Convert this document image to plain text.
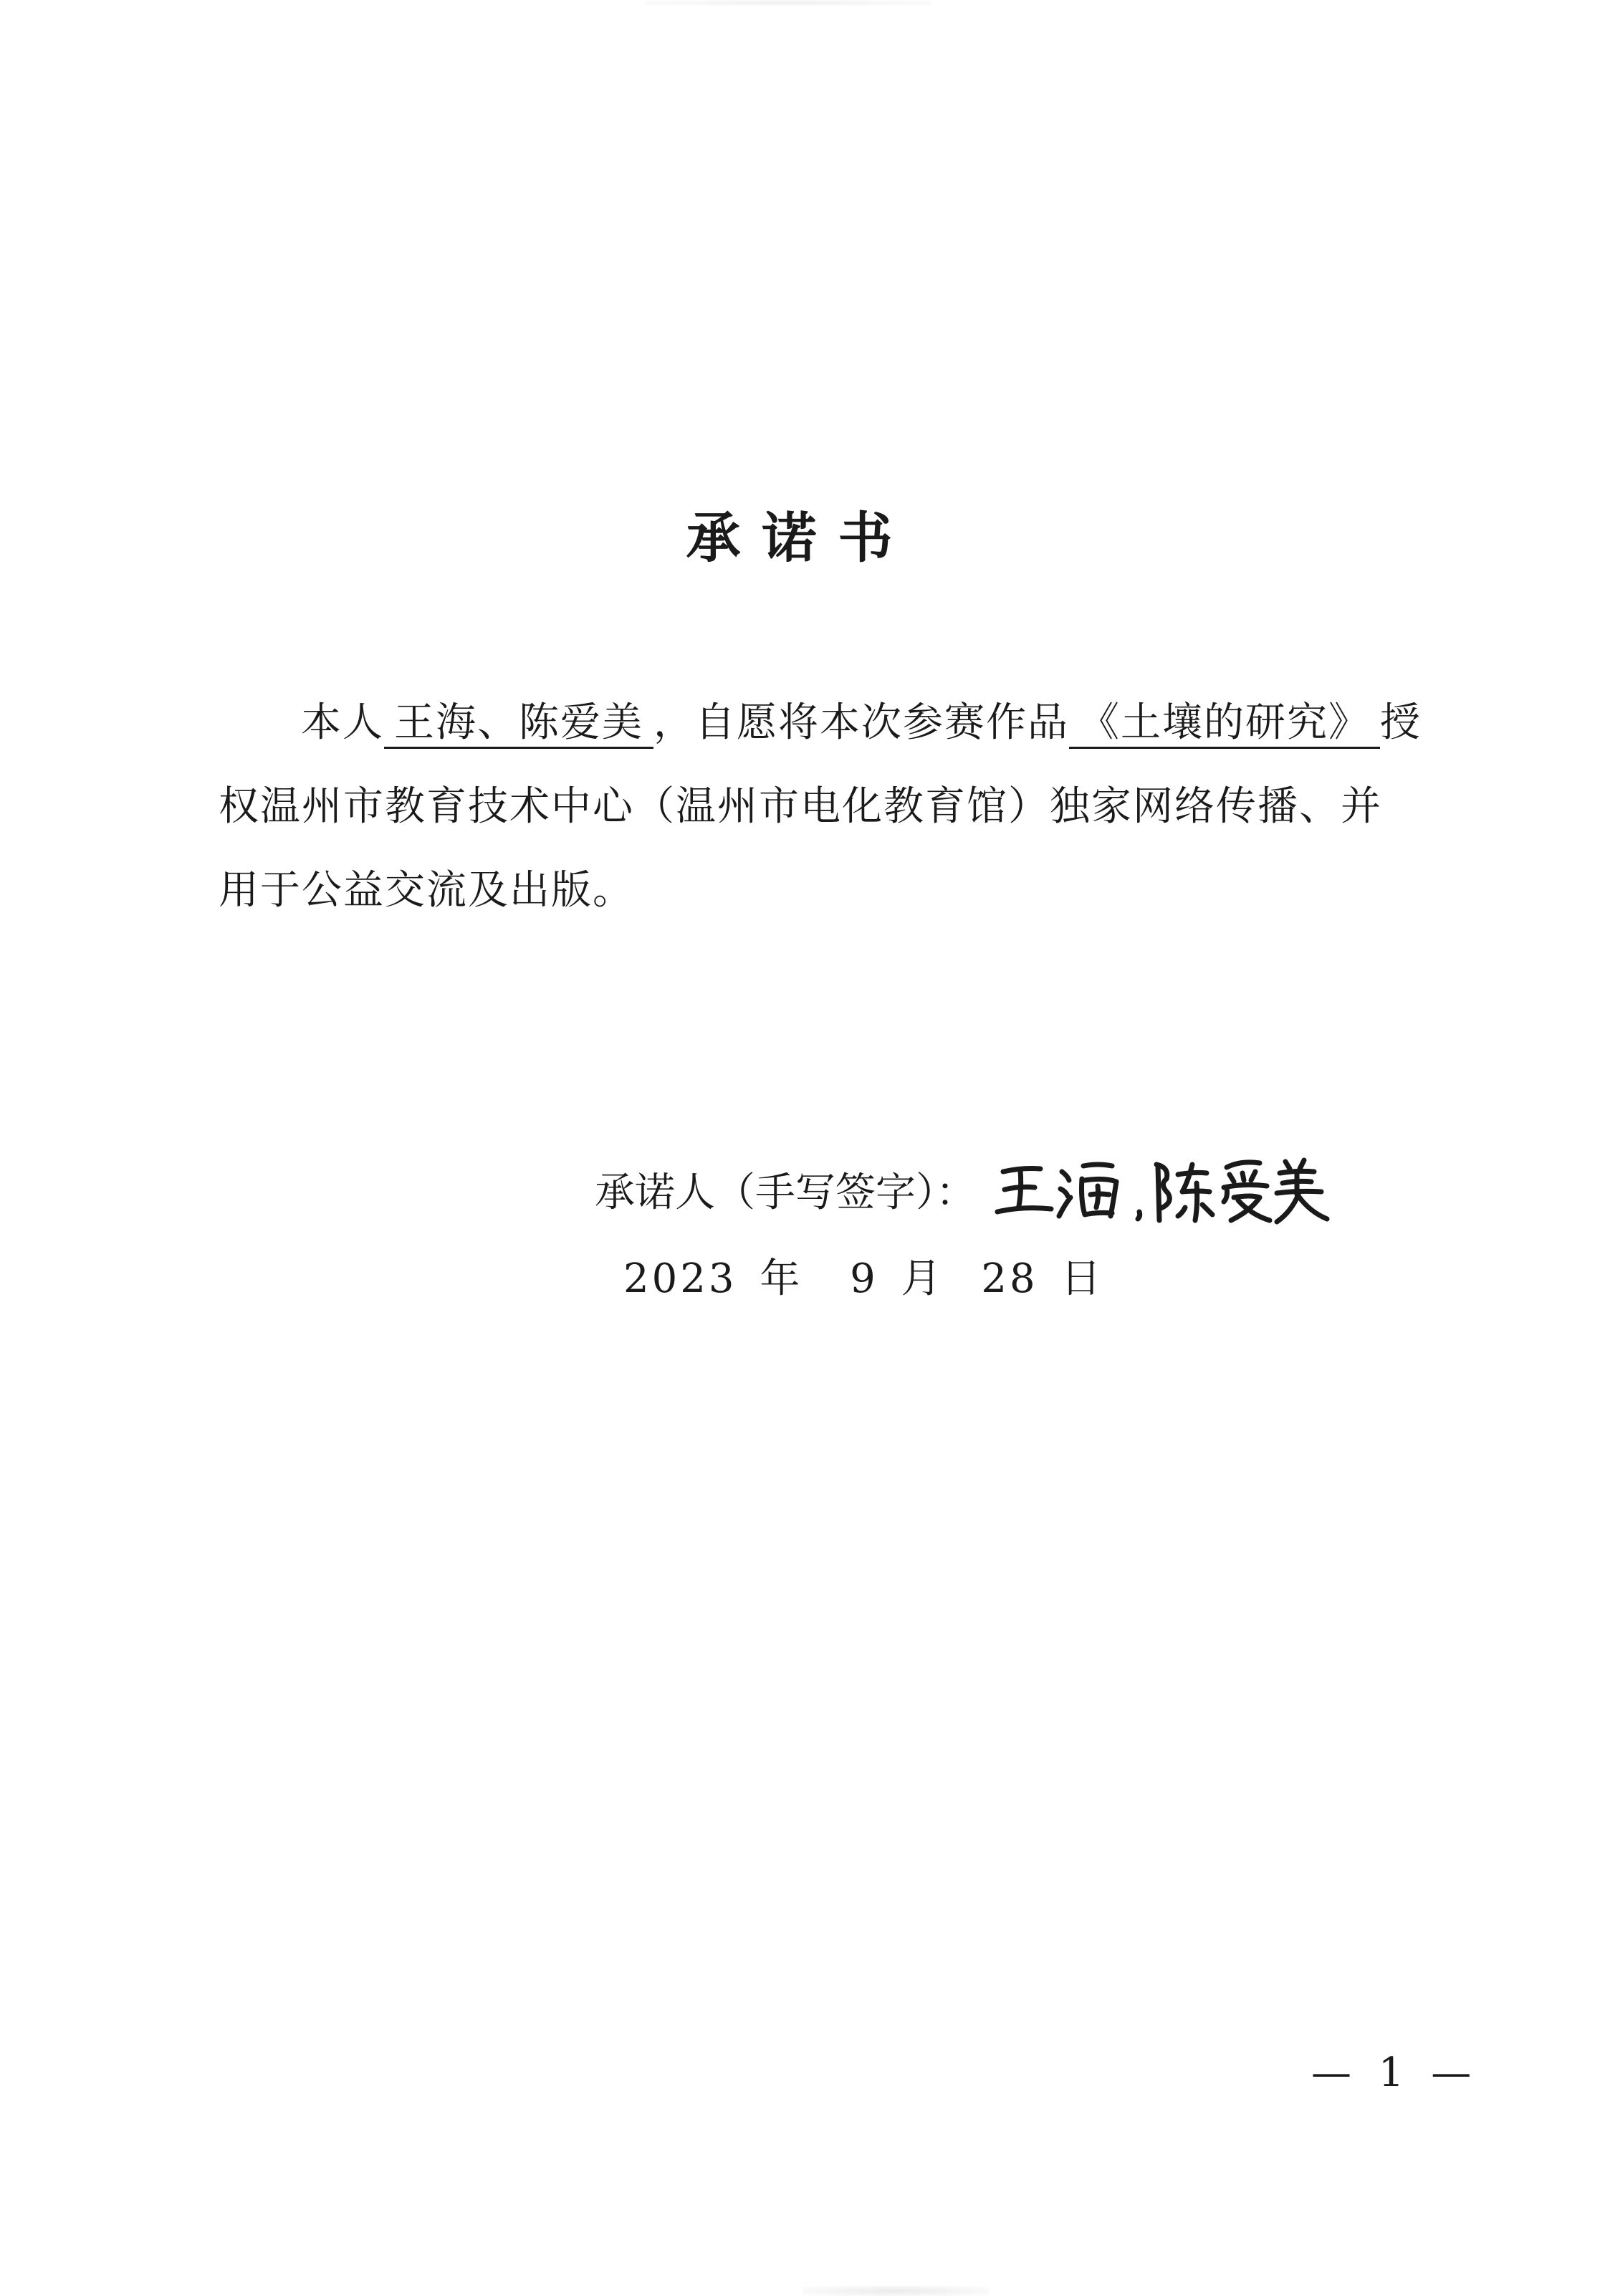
承诺书
本人 王海、陈爱美 ，自愿将本次参赛作品 《土壤的研究》 授
权温州市教育技术中心（温州市电化教育馆）独家网络传播、并
用于公益交流及出版。
承诺人（手写签字）：
2023 年 9 月 28 日
— 1 —
